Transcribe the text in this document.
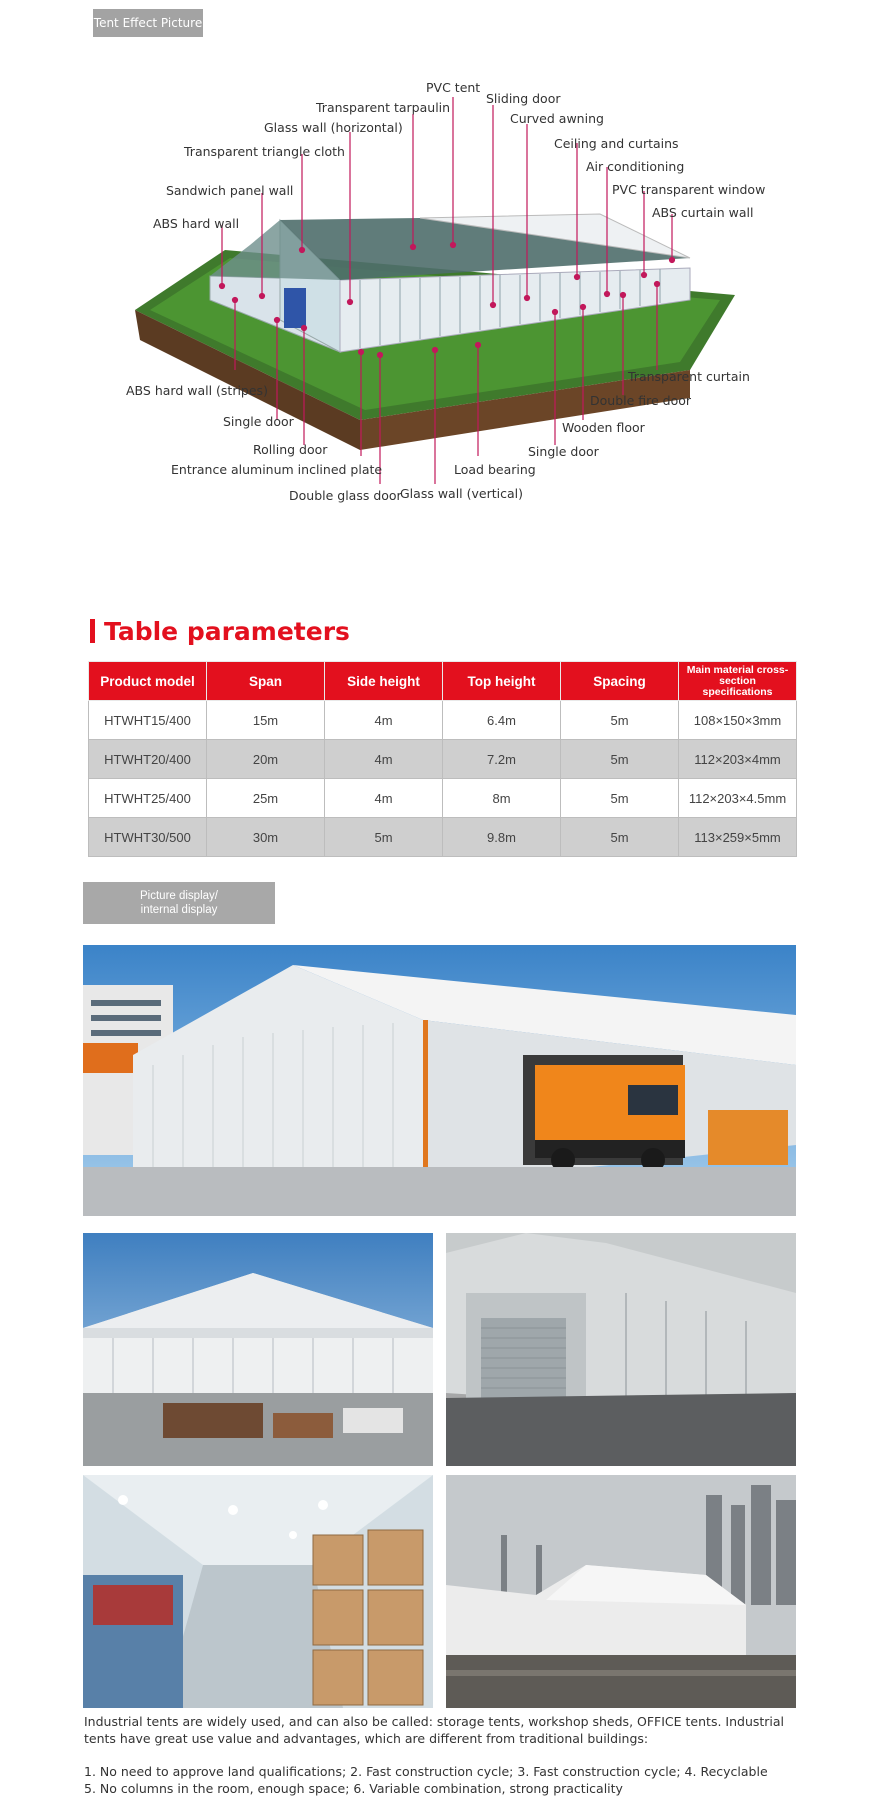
Tent Effect Picture
PVC tent
Sliding door
Transparent tarpaulin
Curved awning
Glass wall (horizontal)
Ceiling and curtains
Transparent triangle cloth
Air conditioning
Sandwich panel wall	PVC transparent window
ABS hard wall
ABS curtain wall
Transparent curtain
ABS hard wall (stripes)
Double fire door
Single door	Wooden floor
Rolling door	Single door
Entrance aluminum inclined plate	Load bearing
Double glass door
Glass wall (vertical)
Table parameters
Product model	Span	Side height	Top height	Spacing	Main material cross-section specifications
HTWHT15/400	15m	4m	6.4m	5m	108×150×3mm
HTWHT20/400	20m	4m	7.2m	5m	112×203×4mm
HTWHT25/400	25m	4m	8m	5m	112×203×4.5mm
HTWHT30/500	30m	5m	9.8m	5m	113×259×5mm
Picture display/
internal display
Industrial tents are widely used, and can also be called: storage tents, workshop sheds, OFFICE tents. Industrial tents have great use value and advantages, which are different from traditional buildings:
1. No need to approve land qualifications; 2. Fast construction cycle; 3. Fast construction cycle; 4. Recyclable
5. No columns in the room, enough space; 6. Variable combination, strong practicality
